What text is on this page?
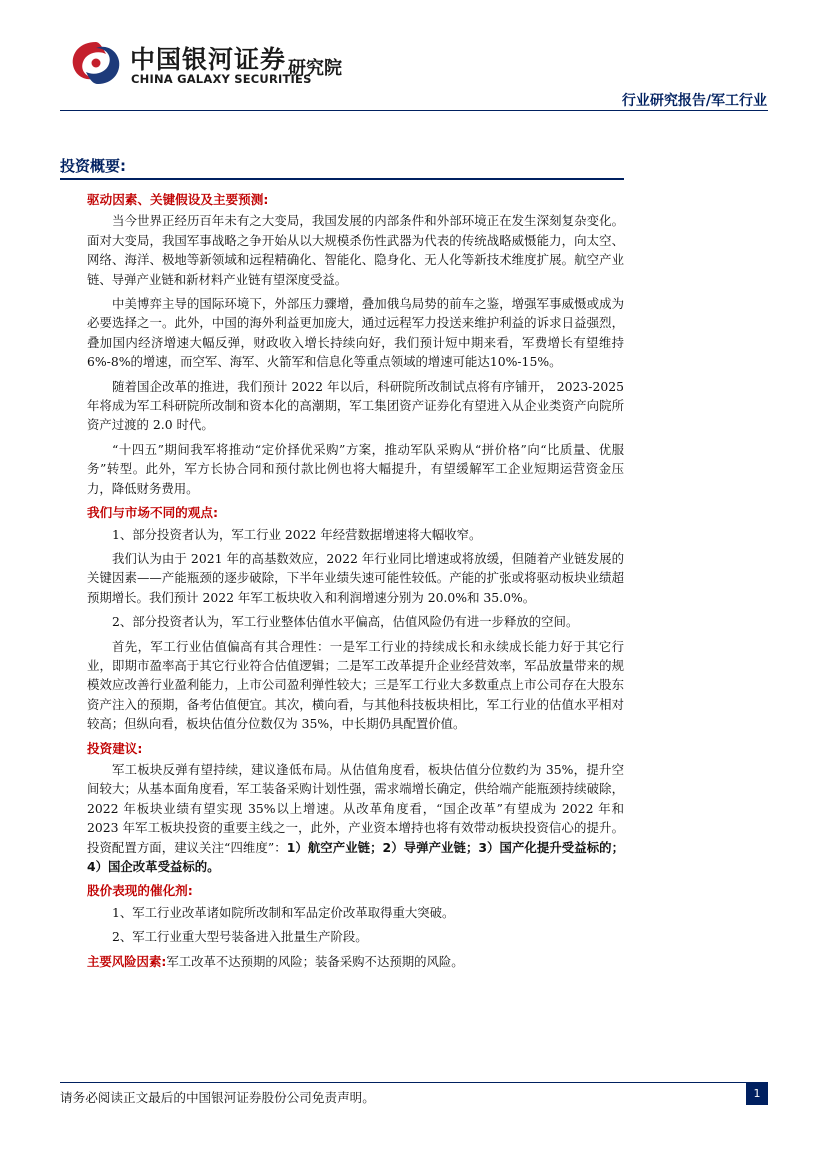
中国银河证券
CHINA GALAXY SECURITIES
研究院
行业研究报告/军工行业
投资概要:

驱动因素、关键假设及主要预测:

当今世界正经历百年未有之大变局，我国发展的内部条件和外部环境正在发生深刻复杂变化。面对大变局，我国军事战略之争开始从以大规模杀伤性武器为代表的传统战略威慑能力，向太空、网络、海洋、极地等新领域和远程精确化、智能化、隐身化、无人化等新技术维度扩展。航空产业链、导弹产业链和新材料产业链有望深度受益。

中美博弈主导的国际环境下，外部压力骤增，叠加俄乌局势的前车之鉴，增强军事威慑或成为必要选择之一。此外，中国的海外利益更加庞大，通过远程军力投送来维护利益的诉求日益强烈，叠加国内经济增速大幅反弹，财政收入增长持续向好，我们预计短中期来看，军费增长有望维持 6%-8%的增速，而空军、海军、火箭军和信息化等重点领域的增速可能达10%-15%。

随着国企改革的推进，我们预计 2022 年以后，科研院所改制试点将有序铺开， 2023-2025 年将成为军工科研院所改制和资本化的高潮期，军工集团资产证券化有望进入从企业类资产向院所资产过渡的 2.0 时代。

“十四五”期间我军将推动“定价择优采购”方案，推动军队采购从“拼价格”向“比质量、优服务”转型。此外，军方长协合同和预付款比例也将大幅提升，有望缓解军工企业短期运营资金压力，降低财务费用。

我们与市场不同的观点:

1、部分投资者认为，军工行业 2022 年经营数据增速将大幅收窄。

我们认为由于 2021 年的高基数效应，2022 年行业同比增速或将放缓，但随着产业链发展的关键因素——产能瓶颈的逐步破除，下半年业绩失速可能性较低。产能的扩张或将驱动板块业绩超预期增长。我们预计 2022 年军工板块收入和利润增速分别为 20.0%和 35.0%。

2、部分投资者认为，军工行业整体估值水平偏高，估值风险仍有进一步释放的空间。

首先，军工行业估值偏高有其合理性：一是军工行业的持续成长和永续成长能力好于其它行业，即期市盈率高于其它行业符合估值逻辑；二是军工改革提升企业经营效率，军品放量带来的规模效应改善行业盈利能力，上市公司盈利弹性较大；三是军工行业大多数重点上市公司存在大股东资产注入的预期，备考估值便宜。其次，横向看，与其他科技板块相比，军工行业的估值水平相对较高；但纵向看，板块估值分位数仅为 35%，中长期仍具配置价值。

投资建议:

军工板块反弹有望持续，建议逢低布局。从估值角度看，板块估值分位数约为 35%，提升空间较大；从基本面角度看，军工装备采购计划性强，需求端增长确定，供给端产能瓶颈持续破除，2022 年板块业绩有望实现 35%以上增速。从改革角度看，“国企改革”有望成为 2022 年和 2023 年军工板块投资的重要主线之一，此外，产业资本增持也将有效带动板块投资信心的提升。投资配置方面，建议关注“四维度”：1）航空产业链；2）导弹产业链；3）国产化提升受益标的；4）国企改革受益标的。

股价表现的催化剂:

1、军工行业改革诸如院所改制和军品定价改革取得重大突破。

2、军工行业重大型号装备进入批量生产阶段。

主要风险因素:军工改革不达预期的风险；装备采购不达预期的风险。

请务必阅读正文最后的中国银河证券股份公司免责声明。	1
